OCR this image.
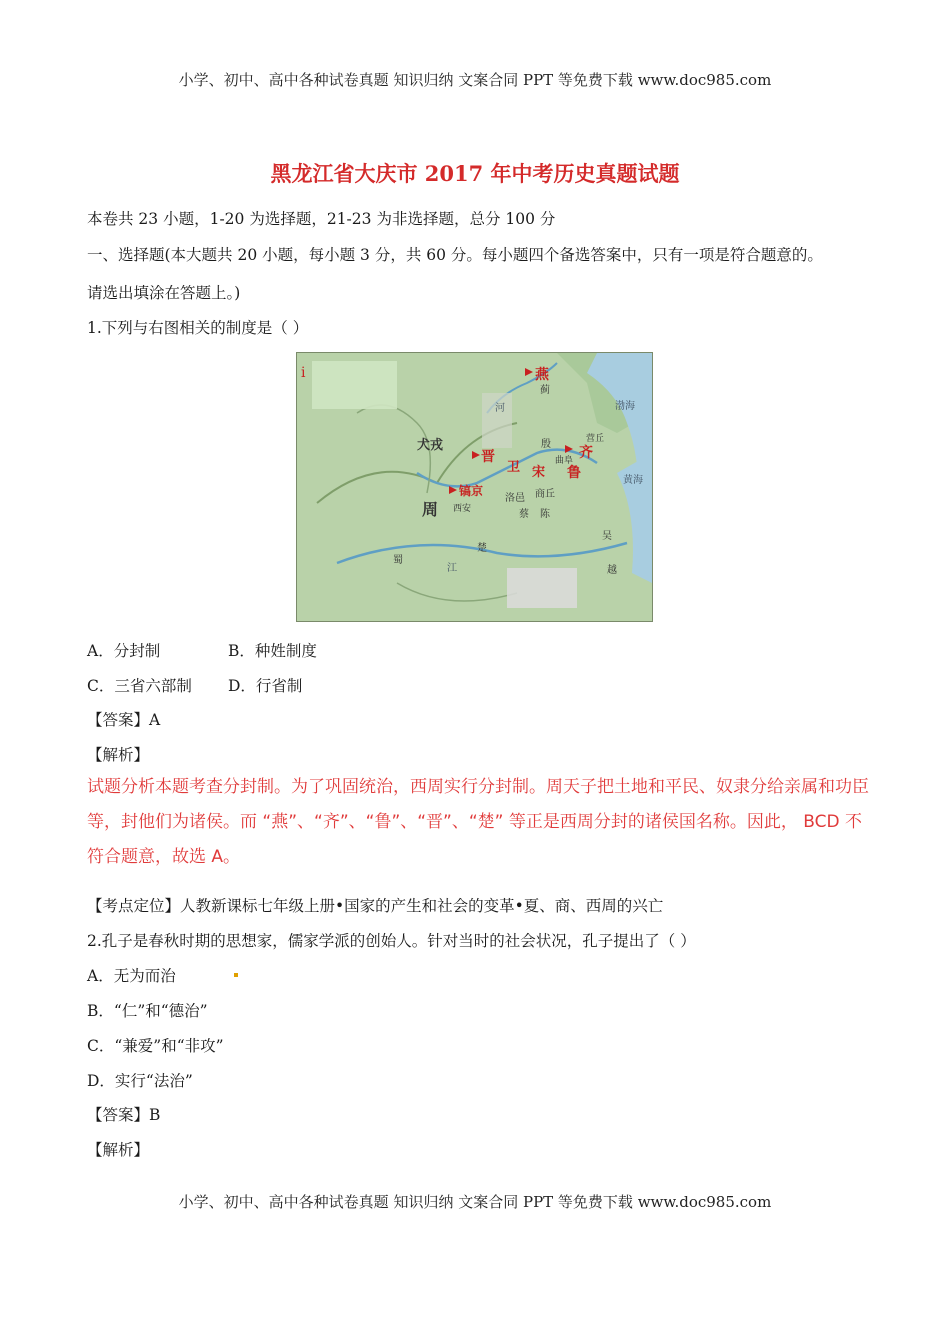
小学、初中、高中各种试卷真题 知识归纳 文案合同 PPT 等免费下载 www.doc985.com
黑龙江省大庆市 2017 年中考历史真题试题
本卷共 23 小题，1-20 为选择题，21-23 为非选择题，总分 100 分
一、选择题(本大题共 20 小题，每小题 3 分，共 60 分。每小题四个备选答案中，只有一项是符合题意的。
请选出填涂在答题上。)
1.下列与右图相关的制度是（ ）
i
犬戎
周
镐京
西安
晋
卫 宋
殷
洛邑 商丘
燕
蓟
齐
营丘
曲阜
鲁
陈
蔡
楚
蜀
吴
越
江
河	渤海
黄海
A．分封制	B．种姓制度
C．三省六部制 D．行省制
【答案】A
【解析】
试题分析本题考查分封制。为了巩固统治，西周实行分封制。周天子把土地和平民、奴隶分给亲属和功臣等，封他们为诸侯。而 “燕”、“齐”、“鲁”、“晋”、“楚” 等正是西周分封的诸侯国名称。因此， BCD 不符合题意，故选 A。
【考点定位】人教新课标七年级上册•国家的产生和社会的变革•夏、商、西周的兴亡
2.孔子是春秋时期的思想家，儒家学派的创始人。针对当时的社会状况，孔子提出了（ ）
A．无为而治
B．“仁”和“德治”
C．“兼爱”和“非攻”
D．实行“法治”
【答案】B
【解析】
小学、初中、高中各种试卷真题 知识归纳 文案合同 PPT 等免费下载 www.doc985.com
